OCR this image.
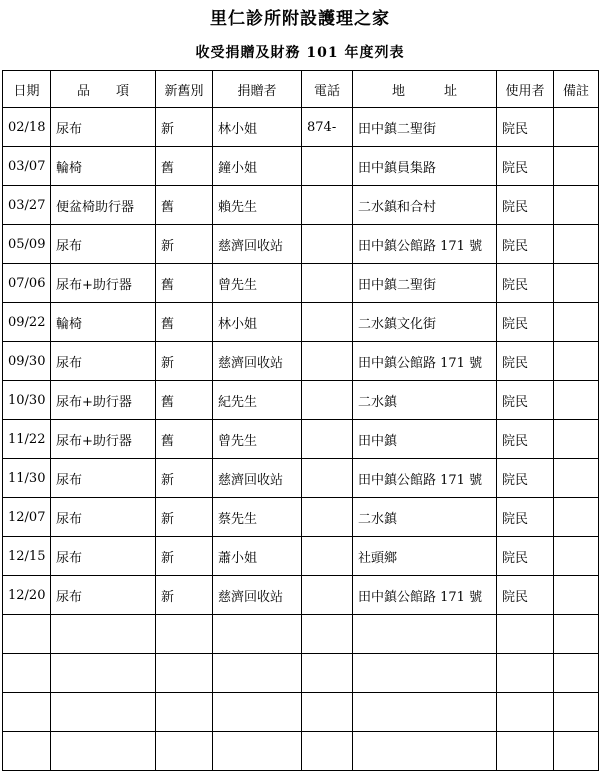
里仁診所附設護理之家
收受捐贈及財務 101 年度列表
日期	品　　項	新舊別	捐贈者	電話	地　　　址	使用者	備註
02/18	尿布	新	林小姐	874-	田中鎮二聖街	院民	
03/07	輪椅	舊	鐘小姐		田中鎮員集路	院民	
03/27	便盆椅助行器	舊	賴先生		二水鎮和合村	院民	
05/09	尿布	新	慈濟回收站		田中鎮公館路 171 號	院民	
07/06	尿布+助行器	舊	曾先生		田中鎮二聖街	院民	
09/22	輪椅	舊	林小姐		二水鎮文化街	院民	
09/30	尿布	新	慈濟回收站		田中鎮公館路 171 號	院民	
10/30	尿布+助行器	舊	紀先生		二水鎮	院民	
11/22	尿布+助行器	舊	曾先生		田中鎮	院民	
11/30	尿布	新	慈濟回收站		田中鎮公館路 171 號	院民	
12/07	尿布	新	蔡先生		二水鎮	院民	
12/15	尿布	新	蕭小姐		社頭鄉	院民	
12/20	尿布	新	慈濟回收站		田中鎮公館路 171 號	院民	
